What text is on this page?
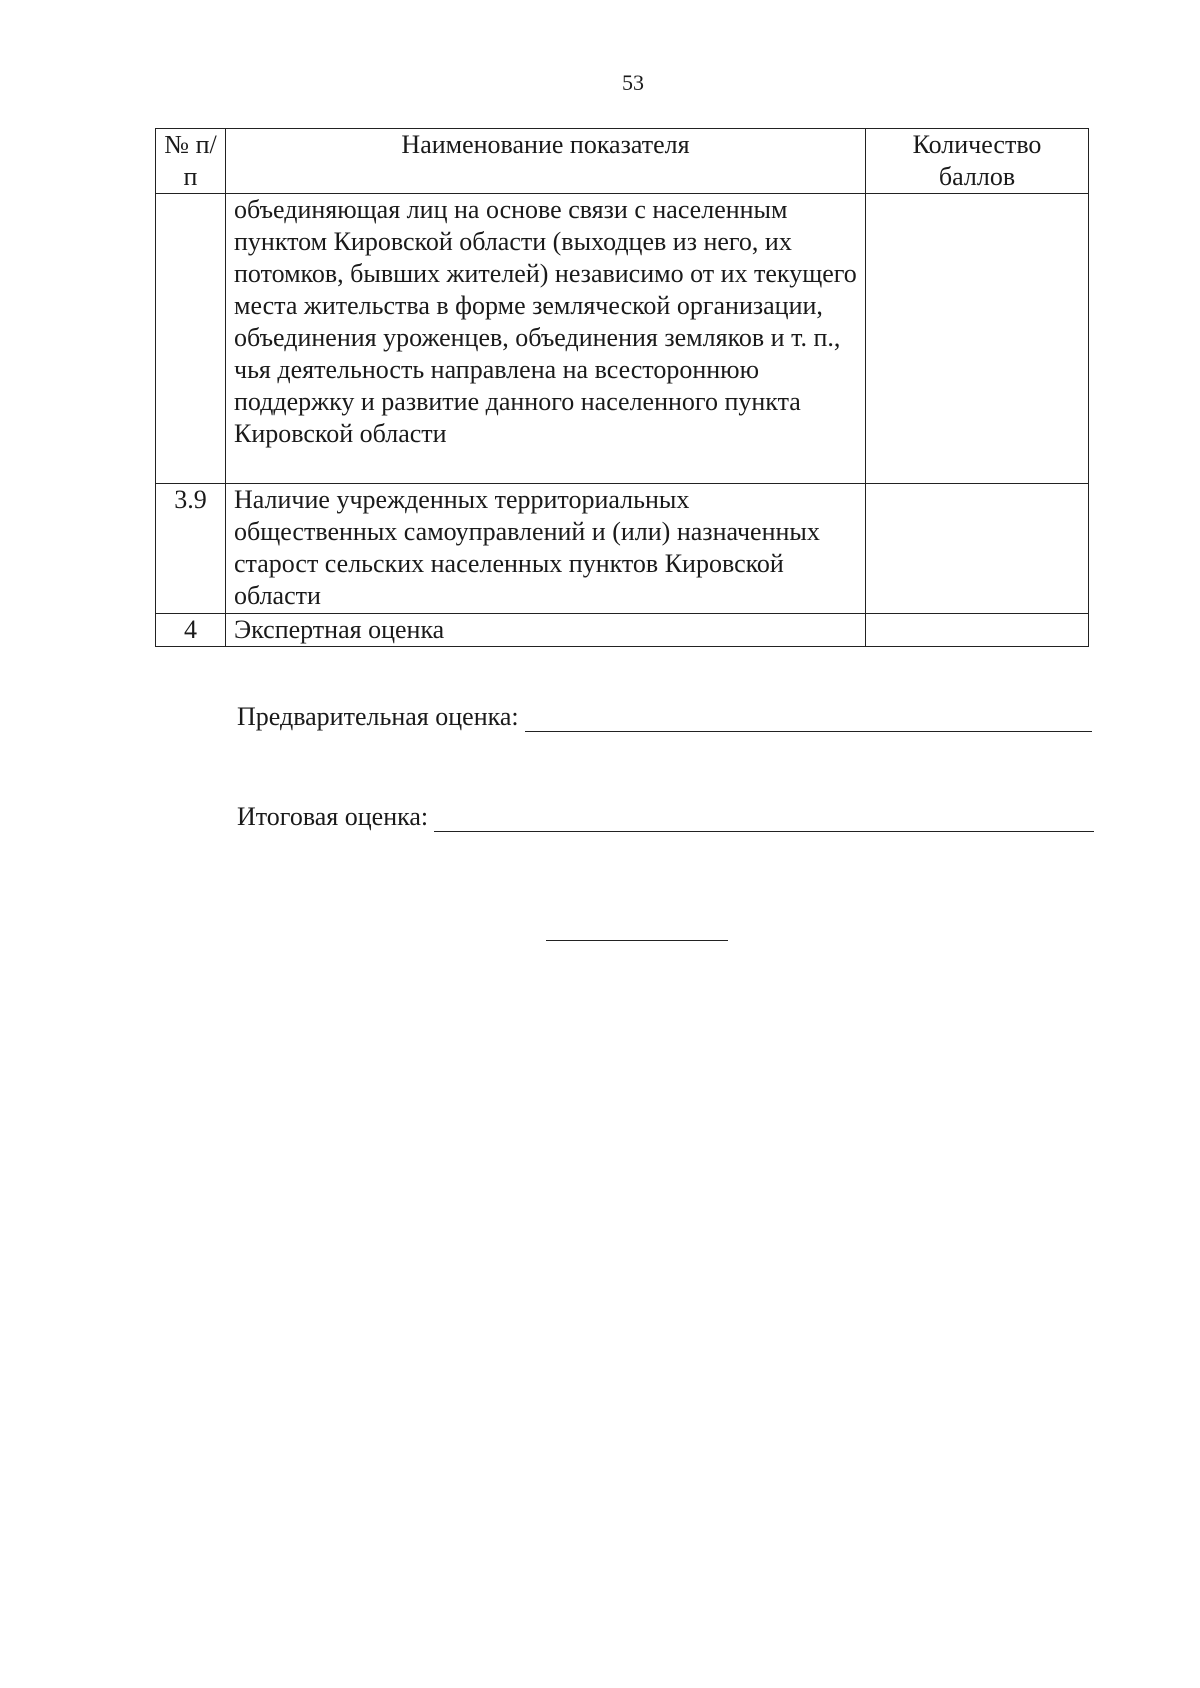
53
№ п/п	Наименование показателя	Количество баллов
	объединяющая лиц на основе связи с населенным пунктом Кировской области (выходцев из него, их потомков, бывших жителей) независимо от их текущего места жительства в форме земляческой организации, объединения уроженцев, объединения земляков и т. п., чья деятельность направлена на всестороннюю поддержку и развитие данного населенного пункта Кировской области	
3.9	Наличие учрежденных территориальных общественных самоуправлений и (или) назначенных старост сельских населенных пунктов Кировской области	
4	Экспертная оценка	
Предварительная оценка:
Итоговая оценка:
